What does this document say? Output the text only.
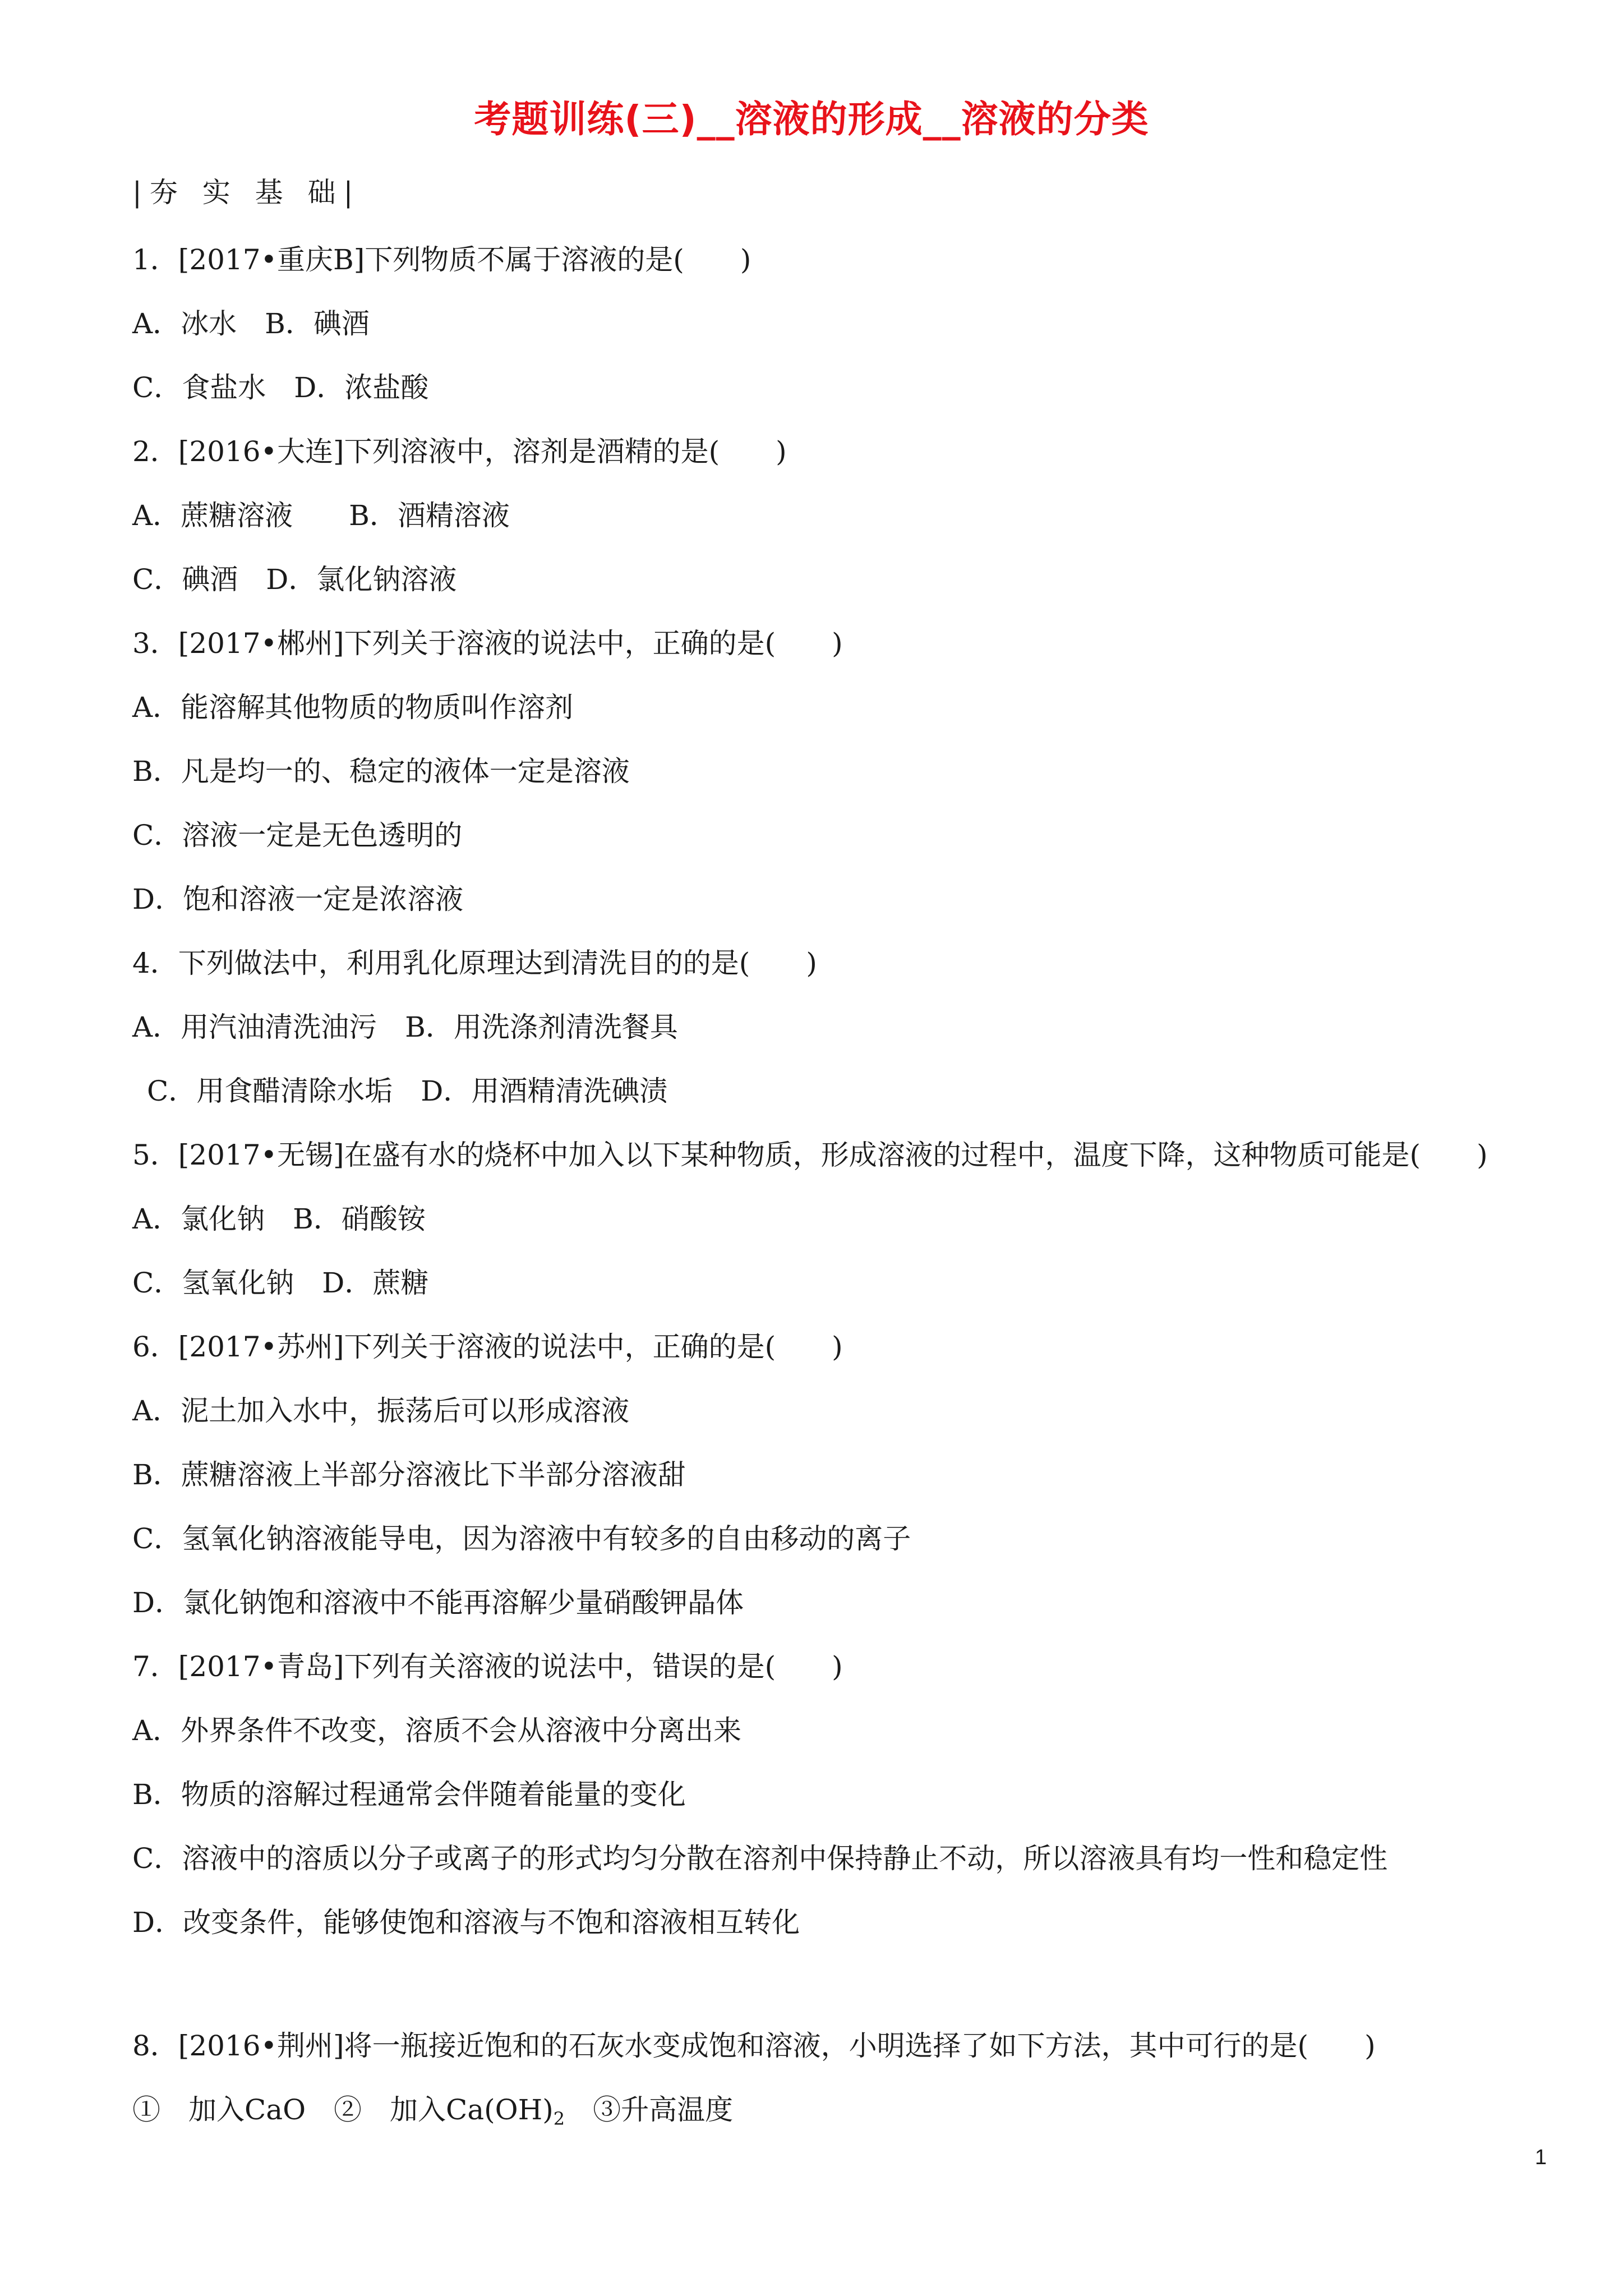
考题训练(三)__溶液的形成__溶液的分类
|夯 实 基 础|
1．[2017•重庆B]下列物质不属于溶液的是(　　)
A．冰水　B．碘酒
C．食盐水　D．浓盐酸
2．[2016•大连]下列溶液中，溶剂是酒精的是(　　)
A．蔗糖溶液　　B．酒精溶液
C．碘酒　D．氯化钠溶液
3．[2017•郴州]下列关于溶液的说法中，正确的是(　　)
A．能溶解其他物质的物质叫作溶剂
B．凡是均一的、稳定的液体一定是溶液
C．溶液一定是无色透明的
D．饱和溶液一定是浓溶液
4．下列做法中，利用乳化原理达到清洗目的的是(　　)
A．用汽油清洗油污　B．用洗涤剂清洗餐具
C．用食醋清除水垢　D．用酒精清洗碘渍
5．[2017•无锡]在盛有水的烧杯中加入以下某种物质，形成溶液的过程中，温度下降，这种物质可能是(　　)
A．氯化钠　B．硝酸铵
C．氢氧化钠　D．蔗糖
6．[2017•苏州]下列关于溶液的说法中，正确的是(　　)
A．泥土加入水中，振荡后可以形成溶液
B．蔗糖溶液上半部分溶液比下半部分溶液甜
C．氢氧化钠溶液能导电，因为溶液中有较多的自由移动的离子
D．氯化钠饱和溶液中不能再溶解少量硝酸钾晶体
7．[2017•青岛]下列有关溶液的说法中，错误的是(　　)
A．外界条件不改变，溶质不会从溶液中分离出来
B．物质的溶解过程通常会伴随着能量的变化
C．溶液中的溶质以分子或离子的形式均匀分散在溶剂中保持静止不动，所以溶液具有均一性和稳定性
D．改变条件，能够使饱和溶液与不饱和溶液相互转化
8．[2016•荆州]将一瓶接近饱和的石灰水变成饱和溶液，小明选择了如下方法，其中可行的是(　　)
①　加入CaO　②　加入$Ca(OH)_2$　③升高温度
1
